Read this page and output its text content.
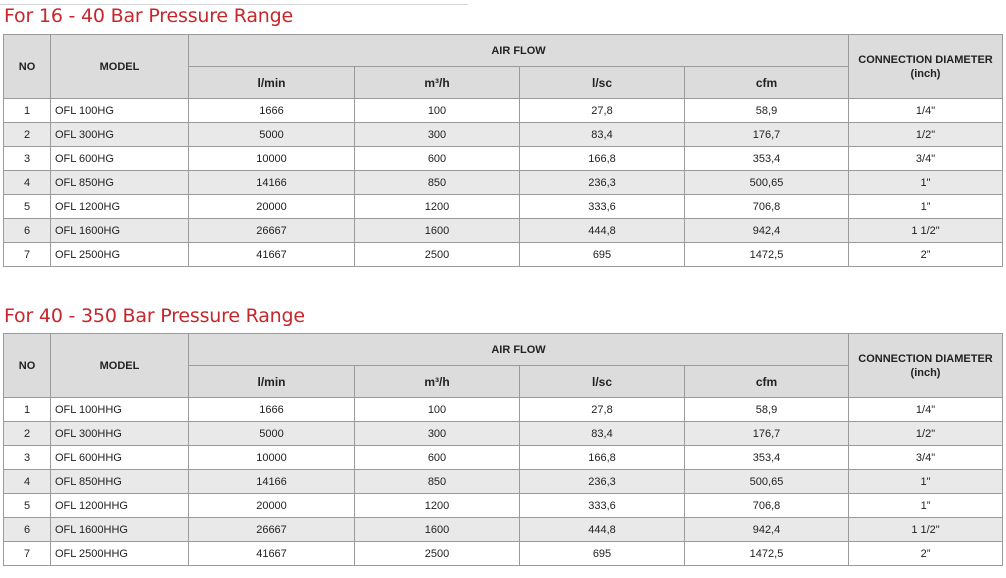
For 16 - 40 Bar Pressure Range
NO	MODEL	AIR FLOW				CONNECTION DIAMETER
(inch)
		l/min	m³/h	l/sc	cfm	
1	OFL 100HG	1666	100	27,8	58,9	1/4"
2	OFL 300HG	5000	300	83,4	176,7	1/2"
3	OFL 600HG	10000	600	166,8	353,4	3/4"
4	OFL 850HG	14166	850	236,3	500,65	1"
5	OFL 1200HG	20000	1200	333,6	706,8	1”
6	OFL 1600HG	26667	1600	444,8	942,4	1 1/2"
7	OFL 2500HG	41667	2500	695	1472,5	2”
For 40 - 350 Bar Pressure Range
NO	MODEL	AIR FLOW				CONNECTION DIAMETER
(inch)
		l/min	m³/h	l/sc	cfm	
1	OFL 100HHG	1666	100	27,8	58,9	1/4"
2	OFL 300HHG	5000	300	83,4	176,7	1/2"
3	OFL 600HHG	10000	600	166,8	353,4	3/4"
4	OFL 850HHG	14166	850	236,3	500,65	1"
5	OFL 1200HHG	20000	1200	333,6	706,8	1”
6	OFL 1600HHG	26667	1600	444,8	942,4	1 1/2"
7	OFL 2500HHG	41667	2500	695	1472,5	2”
